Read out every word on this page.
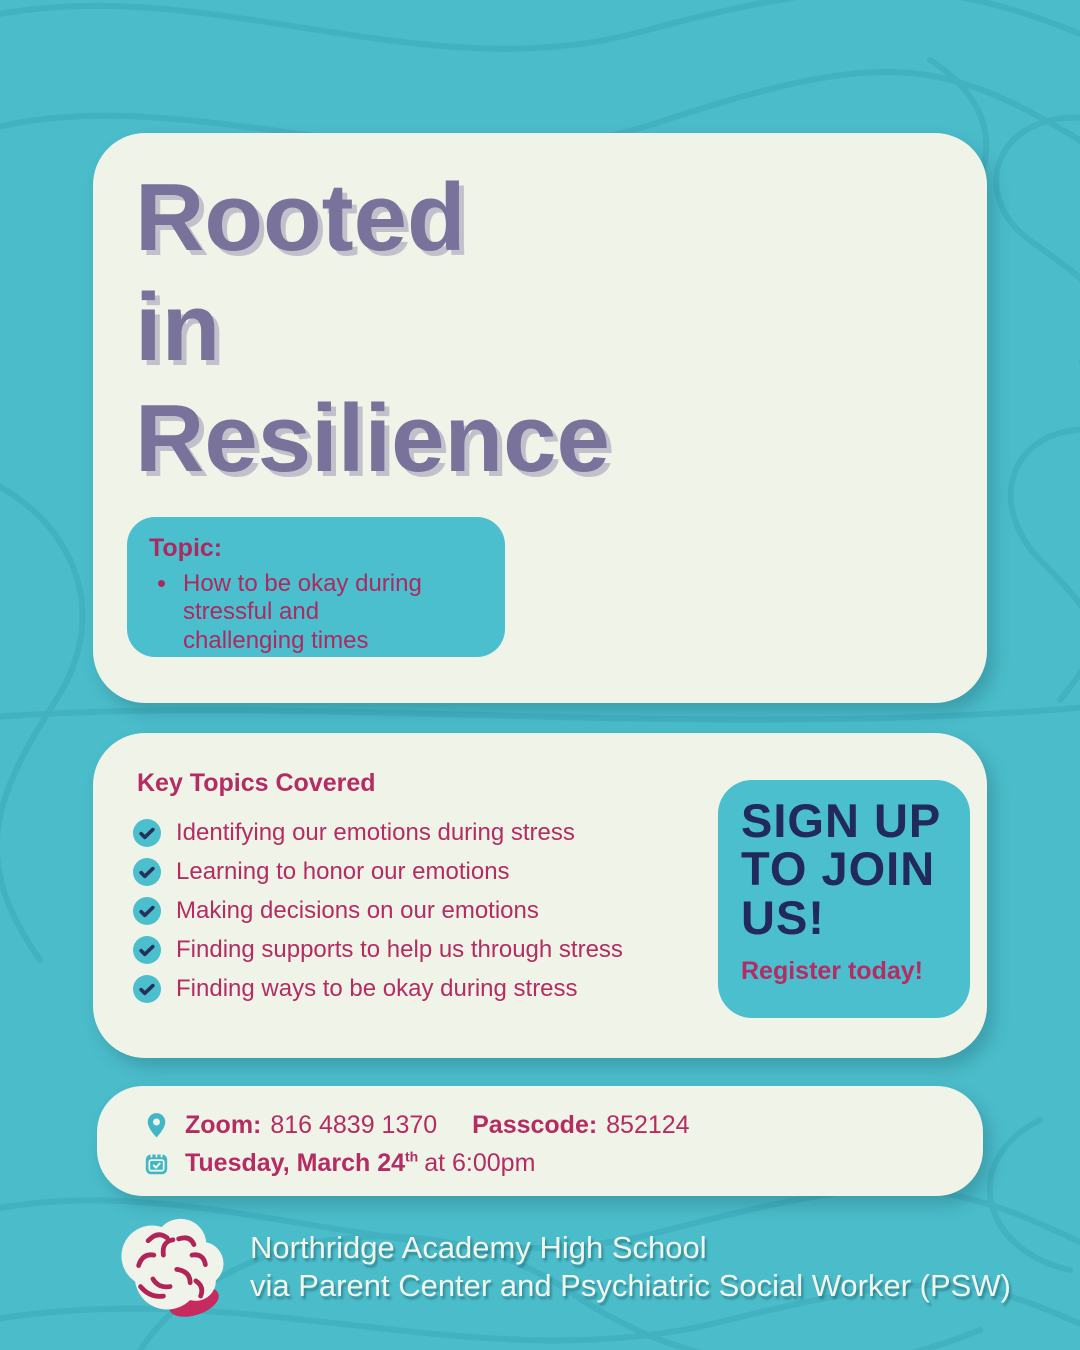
Rooted
in
Resilience
Topic:
• How to be okay during stressful and challenging times
Key Topics Covered
Identifying our emotions during stress
Learning to honor our emotions
Making decisions on our emotions
Finding supports to help us through stress
Finding ways to be okay during stress
SIGN UP
TO JOIN
US!
Register today!
Zoom: 816 4839 1370 Passcode: 852124
Tuesday, March 24th at 6:00pm
Northridge Academy High School
via Parent Center and Psychiatric Social Worker (PSW)
